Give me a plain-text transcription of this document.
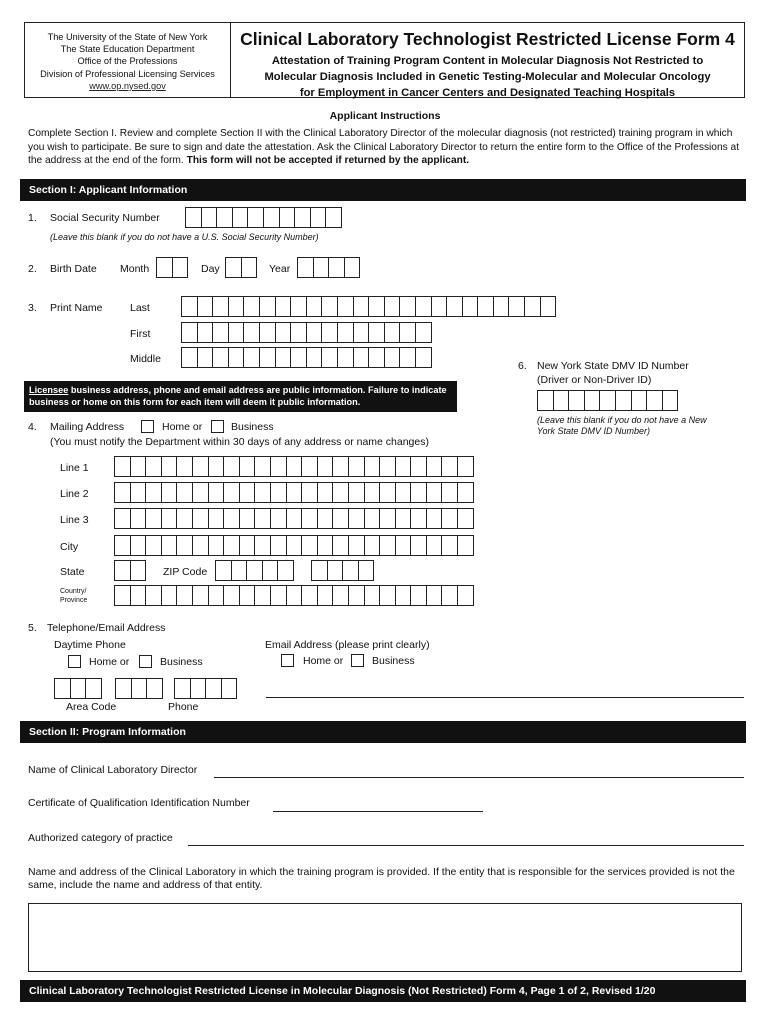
The University of the State of New York
The State Education Department
Office of the Professions
Division of Professional Licensing Services
www.op.nysed.gov
Clinical Laboratory Technologist Restricted License Form 4
Attestation of Training Program Content in Molecular Diagnosis Not Restricted to
Molecular Diagnosis Included in Genetic Testing-Molecular and Molecular Oncology
for Employment in Cancer Centers and Designated Teaching Hospitals
Applicant Instructions
Complete Section I. Review and complete Section II with the Clinical Laboratory Director of the molecular diagnosis (not restricted) training program in which you wish to participate. Be sure to sign and date the attestation. Ask the Clinical Laboratory Director to return the entire form to the Office of the Professions at the address at the end of the form. This form will not be accepted if returned by the applicant.
Section I: Applicant Information
1. Social Security Number
(Leave this blank if you do not have a U.S. Social Security Number)
2. Birth Date Month	Day	Year
3. Print Name	Last
First
Middle
6. New York State DMV ID Number
(Driver or Non-Driver ID)
(Leave this blank if you do not have a New York State DMV ID Number)
Licensee business address, phone and email address are public information. Failure to indicate business or home on this form for each item will deem it public information.
4. Mailing Address	Home or	Business
(You must notify the Department within 30 days of any address or name changes)
Line 1
Line 2
Line 3
City
State	ZIP Code
Country/
Province
5. Telephone/Email Address
Daytime Phone
Home or	Business
Email Address (please print clearly)
Home or	Business
Area Code	Phone
Section II: Program Information
Name of Clinical Laboratory Director
Certificate of Qualification Identification Number
Authorized category of practice
Name and address of the Clinical Laboratory in which the training program is provided. If the entity that is responsible for the services provided is not the same, include the name and address of that entity.
Clinical Laboratory Technologist Restricted License in Molecular Diagnosis (Not Restricted) Form 4, Page 1 of 2, Revised 1/20
